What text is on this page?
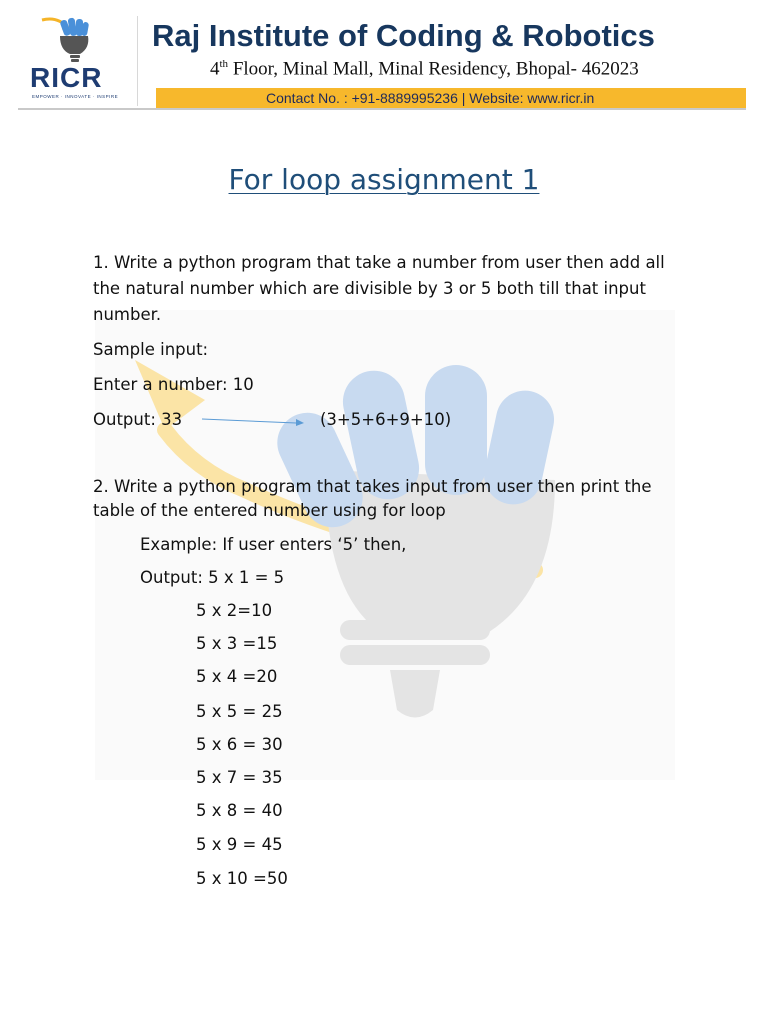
RICR
EMPOWER · INNOVATE · INSPIRE
Raj Institute of Coding & Robotics
4th Floor, Minal Mall, Minal Residency, Bhopal- 462023
Contact No. : +91-8889995236 | Website: www.ricr.in
For loop assignment 1
1. Write a python program that take a number from user then add all the natural number which are divisible by 3 or 5 both till that input number.
Sample input:
Enter a number: 10
Output: 33	(3+5+6+9+10)
2. Write a python program that takes input from user then print the table of the entered number using for loop
Example: If user enters ‘5’ then,
Output: 5 x 1 = 5
5 x 2=10
5 x 3 =15
5 x 4 =20
5 x 5 = 25
5 x 6 = 30
5 x 7 = 35
5 x 8 = 40
5 x 9 = 45
5 x 10 =50
